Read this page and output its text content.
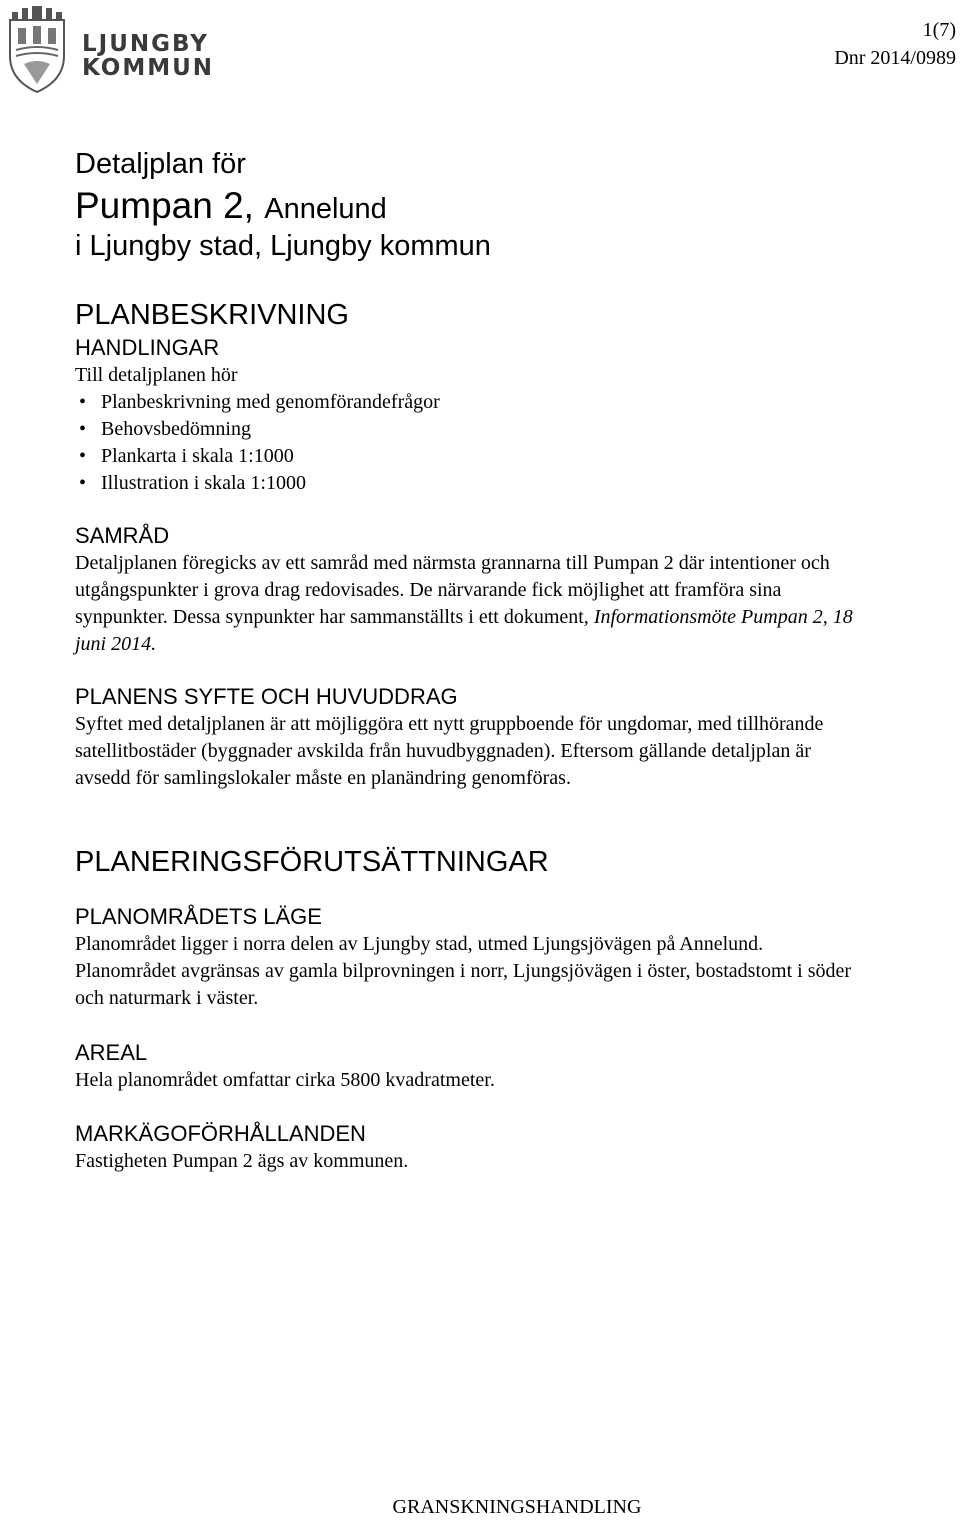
LJUNGBY
KOMMUN
1(7)
Dnr 2014/0989
Detaljplan för
Pumpan 2, Annelund
i Ljungby stad, Ljungby kommun
PLANBESKRIVNING
HANDLINGAR
Till detaljplanen hör
• Planbeskrivning med genomförandefrågor
• Behovsbedömning
• Plankarta i skala 1:1000
• Illustration i skala 1:1000
SAMRÅD
Detaljplanen föregicks av ett samråd med närmsta grannarna till Pumpan 2 där intentioner och utgångspunkter i grova drag redovisades. De närvarande fick möjlighet att framföra sina synpunkter. Dessa synpunkter har sammanställts i ett dokument, Informationsmöte Pumpan 2, 18 juni 2014.
PLANENS SYFTE OCH HUVUDDRAG
Syftet med detaljplanen är att möjliggöra ett nytt gruppboende för ungdomar, med tillhörande satellitbostäder (byggnader avskilda från huvudbyggnaden). Eftersom gällande detaljplan är avsedd för samlingslokaler måste en planändring genomföras.
PLANERINGSFÖRUTSÄTTNINGAR
PLANOMRÅDETS LÄGE
Planområdet ligger i norra delen av Ljungby stad, utmed Ljungsjövägen på Annelund. Planområdet avgränsas av gamla bilprovningen i norr, Ljungsjövägen i öster, bostadstomt i söder och naturmark i väster.
AREAL
Hela planområdet omfattar cirka 5800 kvadratmeter.
MARKÄGOFÖRHÅLLANDEN
Fastigheten Pumpan 2 ägs av kommunen.
GRANSKNINGSHANDLING
